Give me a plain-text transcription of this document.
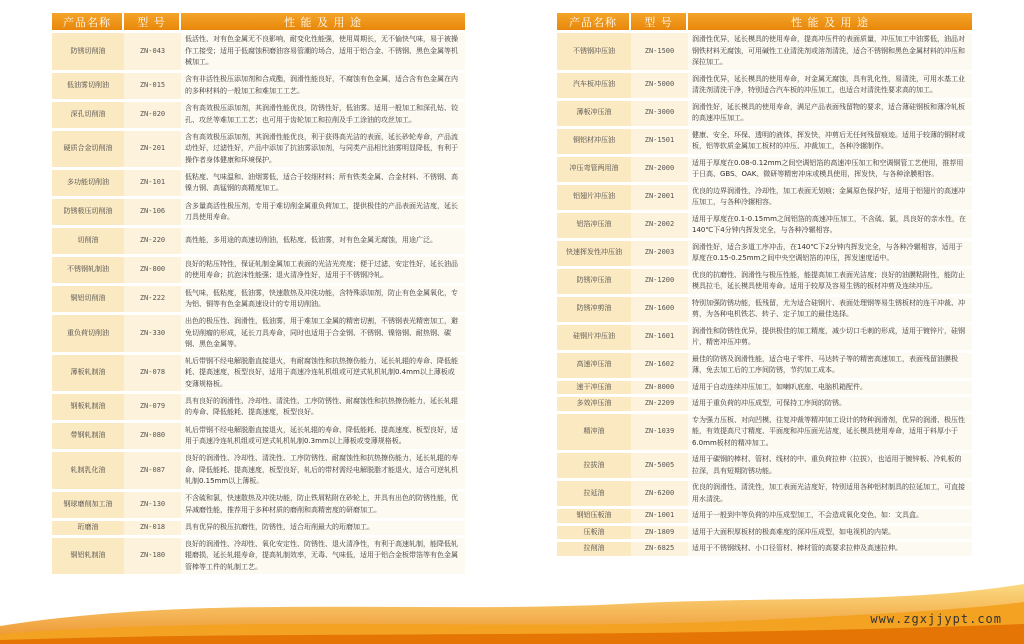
产品名称	型 号	性 能 及 用 途
防锈切削油	ZN-043	低活性、对有色金属无不良影响，耐变化性能强，使用周期长，无不愉快气味，易于被操作工接受；适用于低腐蚀积磨油容易管潮的场合，适用于铝合金、不锈钢、黑色金属等机械加工。
低油雾切削油	ZN-015	含有非活性极压添加剂和合成酯，润滑性能良好，不腐蚀有色金属，适合含有色金属在内的多种材料的一般加工和难加工工艺。
深孔切削油	ZN-020	含有高效极压添加剂，其润滑性能优良，防锈性好，低油雾。适用一般加工和深孔钻、铰孔、攻丝等难加工工艺；也可用于齿轮加工和拉削及手工涂油的攻丝加工。
硬质合金切削油	ZN-201	含有高效极压添加剂，其润滑性能优良，利于获得高光洁的表面，延长砂轮寿命，产品流动性好，过滤性好，产品中添加了抗油雾添加剂，与同类产品相比油雾明显降低，有利于操作者身体健康和环境保护。
多功能切削油	ZN-101	低粘度、气味温和、油烟雾低，适合于较细材料；所有铁类金属、合金材料、不锈钢、高镍力钢、高锰钢的高精度加工。
防锈极压切削油	ZN-106	含多量高活性极压剂，专用于难切削金属重负荷加工，提供极佳的产品表面光洁度，延长刀具使用寿命。
切削油	ZN-220	高性能，多用途的高速切削油，低粘度、低油雾，对有色金属无腐蚀，用途广泛。
不锈钢轧制油	ZN-800	良好的粘压特性，保证轧制金属加工表面的光洁光亮度；便于过滤，安定性好，延长油品的使用寿命；抗泡沫性能强；退火清净性好，适用于不锈钢冷轧。
铜铝切削油	ZN-222	低气味，低粘度，低油雾，快速散热及冲洗功能，含特殊添加剂，防止有色金属氧化，专为铝、铜等有色金属高速设计的专用切削油。
重负荷切削油	ZN-330	出色的极压性、润滑性，低油雾，用于难加工金属的精密切割，不锈钢表光精密加工，避免切削瘤的形成，延长刀具寿命，同时也适用于合金钢、不锈钢、镍铬钢、耐热钢、碳钢、黑色金属等。
薄板轧制油	ZN-078	轧后带钢不经电解脱脂直接退火，有耐腐蚀性和抗热擦伤能力，延长轧辊的寿命、降低能耗、提高速度，板型良好，适用于高速冷连轧机组或可逆式轧机轧制0.4mm以上薄板或变薄规格板。
钢板轧制油	ZN-079	具有良好的润滑性、冷却性、清洗性、工序防锈性、耐腐蚀性和抗热擦伤能力，延长轧辊的寿命、降低能耗、提高速度，板型良好。
带钢轧制油	ZN-080	轧后带钢不经电解脱脂直接退火，延长轧辊的寿命、降低能耗、提高速度、板型良好，适用于高速冷连轧机组或可逆式轧机轧制0.3mm以上薄板或变薄规格板。
轧制乳化油	ZN-087	良好的润滑性、冷却性、清洗性、工序防锈性、耐腐蚀性和抗热擦伤能力，延长轧辊的寿命、降低能耗、提高速度，板型良好，轧后的带材需经电解脱脂才能退火，适合可逆轧机轧制0.15mm以上薄板。
钢球磨削加工油	ZN-130	不含硫和氯，快速散热及冲洗功能，防止铁屑粘附在砂轮上，并具有出色的防锈性能，优异减磨性能，推荐用于多种材质的磨削和高精密度的研磨加工。
珩磨油	ZN-018	具有优异的极压抗磨性，防锈性，适合珩削最大的珩磨加工。
铜铝轧制油	ZN-180	良好的润滑性、冷却性、氧化安定性、防锈性、退火清净性，有利于高速轧制，能降低轧辊磨损，延长轧辊寿命，提高轧制效率，无毒、气味低，适用于铝合金板带箔等有色金属管棒等工件的轧制工艺。
产品名称	型 号	性 能 及 用 途
不锈钢冲压油	ZN-1500	润滑性优异，延长模具的使用寿命，提高冲压件的表面质量，冲压加工中油雾低，油品对钢铁材料无腐蚀，可用碱性工业清洗剂或溶剂清洗，适合不锈钢和黑色金属材料的冲压和深拉加工。
汽车板冲压油	ZN-5000	润滑性优异，延长模具的使用寿命，对金属无腐蚀，具有乳化性，易清洗，可用水基工业清洗剂清洗干净，特别适合汽车板的冲压加工，也适合对清洗性要求高的加工。
薄板冲压油	ZN-3000	润滑性好，延长模具的使用寿命，满足产品表面残留物的要求，适合薄硅钢板和薄冷轧板的高速冲压加工。
铜铝材冲压油	ZN-1501	健康、安全、环保、透明的液体，挥发快，冲剪后无任何残留痕迹。适用于较薄的铜材或板，铝等软质金属加工板材的冲压、冲裁加工，各种冷辗制作。
冲压弯管两用油	ZN-2000	适用于厚度在0.08-0.12mm之间空调铝箔的高速冲压加工和空调铜管工艺使用，推荐用于日高、GBS、OAK、微研等精密冲床或模具使用，挥发快，与各种涂膜相容。
铝翅片冲压油	ZN-2001	优良的边界润滑性，冷却性，加工表面无划痕；金属原色保护好，适用于铝翅片的高速冲压加工，与各种冷辗相容。
铝箔冲压油	ZN-2002	适用于厚度在0.1-0.15mm之间铝箔的高速冲压加工，不含硫、氯，具良好的亲水性，在140℃下4分钟内挥发完全，与各种冷辗相容。
快速挥发性冲压油	ZN-2003	润滑性好，适合多道工序冲击，在140℃下2分钟内挥发完全，与各种冷辗相容，适用于厚度在0.15-0.25mm之间中央空调铝箔的冲压，挥发速度适中。
防锈冲压油	ZN-1200	优良的抗磨性、润滑性与极压性能，能提高加工表面光洁度；良好的油膜粘附性，能防止模具拉毛，延长模具使用寿命。适用于较厚及容易生锈的板材冲剪及连续冲压。
防锈冲剪油	ZN-1600	特别加强防锈功能，低残留，尤为适合硅钢片、表面处理钢等易生锈板材的连干冲裁、冲剪，为各种电机铁芯、转子、定子加工的最佳选择。
硅钢片冲压油	ZN-1601	润滑性和防锈性优异，提供极佳的加工精度，减少切口毛刺的形成，适用于镀锌片，硅钢片，精密冲压冲剪。
高速冲压油	ZN-1602	最佳的防锈及润滑性能，适合电子零件、马达转子等的精密高速加工，表面残留油膜极薄，免去加工后的工序间防锈，节约加工成本。
速干冲压油	ZN-8000	适用于自动连续冲压加工，如喇叭底座、电脑机箱配件。
多效冲压油	ZN-2209	适用于重负荷的冲压成型，可保持工序间的防锈。
精冲油	ZN-1039	专为强力压板、对向凹模、往复冲裁等精冲加工设计的特种润滑剂，优异的润滑、极压性能，有效提高尺寸精度、平面度和冲压面光洁度，延长模具使用寿命，适用于料厚小于6.0mm板材的精冲加工。
拉拔油	ZN-5005	适用于碳钢的棒材、管材、线材的中、重负荷拉伸（拉拔），也适用于镀锌板、冷轧板的拉深，具有短期防锈功能。
拉延油	ZN-6200	优良的润滑性、清洗性，加工表面光洁度好，特别适用各种铝材制具的拉延加工，可直接用水清洗。
钢铝压板油	ZN-1001	适用于一般到中等负荷的冲压成型加工，不会造成氧化变色，如：文具盒。
压板油	ZN-1809	适用于大面积厚板材的极高难度的深冲压成型，如电视机的内架。
拉削油	ZN-6825	适用于不锈钢线材、小口径管材、棒材管的高要求拉伸及高速拉伸。
www.zgxjjypt.com
